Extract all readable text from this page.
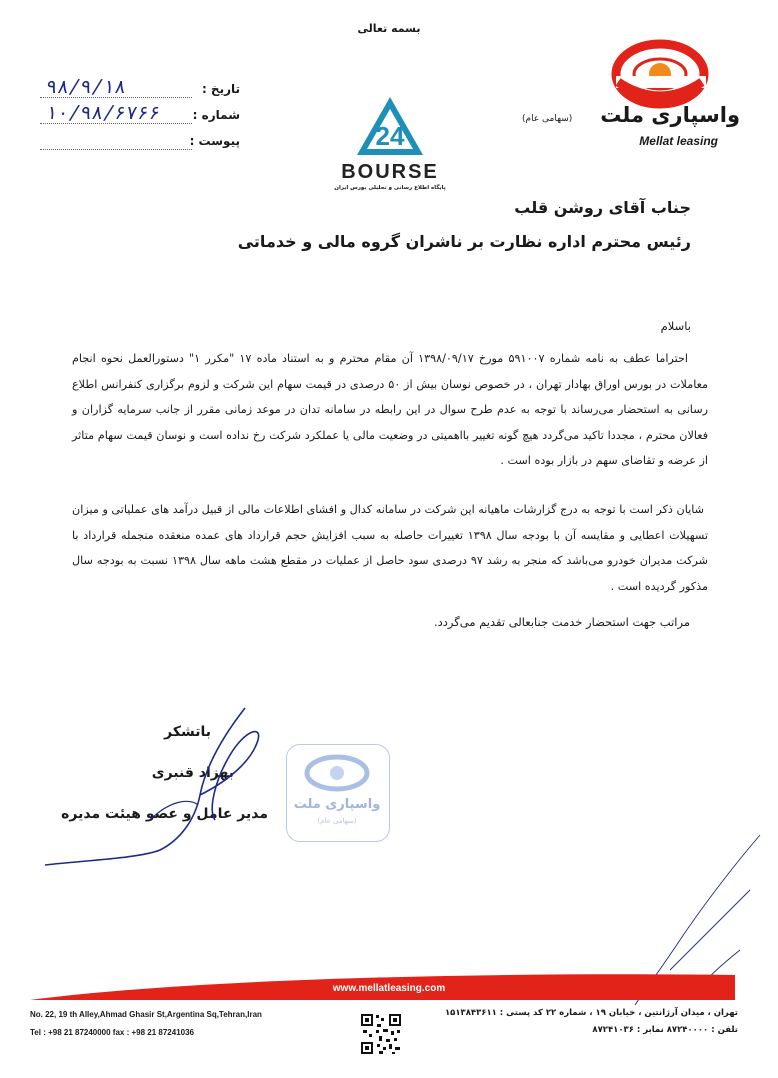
بسمه تعالی
تاریخ :
۹۸/۹/۱۸
شماره :
۱۰/۹۸/۶۷۶۶
پیوست :	24
BOURSE
پایگاه اطلاع رسانی و تحلیلی بورس ایران
واسپاری ملت
(سهامی عام)
Mellat leasing
جناب آقای روشن قلب
رئیس محترم اداره نظارت بر ناشران گروه مالی و خدماتی
باسلام
احتراما عطف به نامه شماره ۵۹۱۰۰۷ مورخ ۱۳۹۸/۰۹/۱۷ آن مقام محترم و به استناد ماده ۱۷ "مکرر ۱" دستورالعمل نحوه انجام معاملات در بورس اوراق بهادار تهران ، در خصوص نوسان بیش از ۵۰ درصدی در قیمت سهام این شرکت و لزوم برگزاری کنفرانس اطلاع رسانی به استحضار می‌رساند با توجه به عدم طرح سوال در این رابطه در سامانه تدان در موعد زمانی مقرر از جانب سرمایه گزاران و فعالان محترم ، مجددا تاکید می‌گردد هیچ گونه تغییر بااهمیتی در وضعیت مالی یا عملکرد شرکت رخ نداده است و نوسان قیمت سهام متاثر از عرضه و تقاضای سهم در بازار بوده است .
شایان ذکر است با توجه به درج گزارشات ماهیانه این شرکت در سامانه کدال و افشای اطلاعات مالی از قبیل درآمد های عملیاتی و میزان تسهیلات اعطایی و مقایسه آن با بودجه سال ۱۳۹۸ تغییرات حاصله به سبب افزایش حجم قرارداد های عمده منعقده منجمله قرارداد با شرکت مدیران خودرو می‌باشد که منجر به رشد ۹۷ درصدی سود حاصل از عملیات در مقطع هشت ماهه سال ۱۳۹۸ نسبت به بودجه سال مذکور گردیده است .
مراتب جهت استحضار خدمت جنابعالی تقدیم می‌گردد.
باتشکر
بهزاد قنبری
مدیر عامل و عضو هیئت مدیره
واسپاری ملت
(سهامی عام)
www.mellatleasing.com
No. 22, 19 th Alley,Ahmad Ghasir St,Argentina Sq,Tehran,Iran
Tel : +98 21 87240000 fax : +98 21 87241036
تهران ، میدان آرژانتین ، خیابان ۱۹ ، شماره ۲۲ کد پستی : ۱۵۱۳۸۴۳۶۱۱
تلفن : ۸۷۲۴۰۰۰۰ نمابر : ۸۷۲۴۱۰۳۶
